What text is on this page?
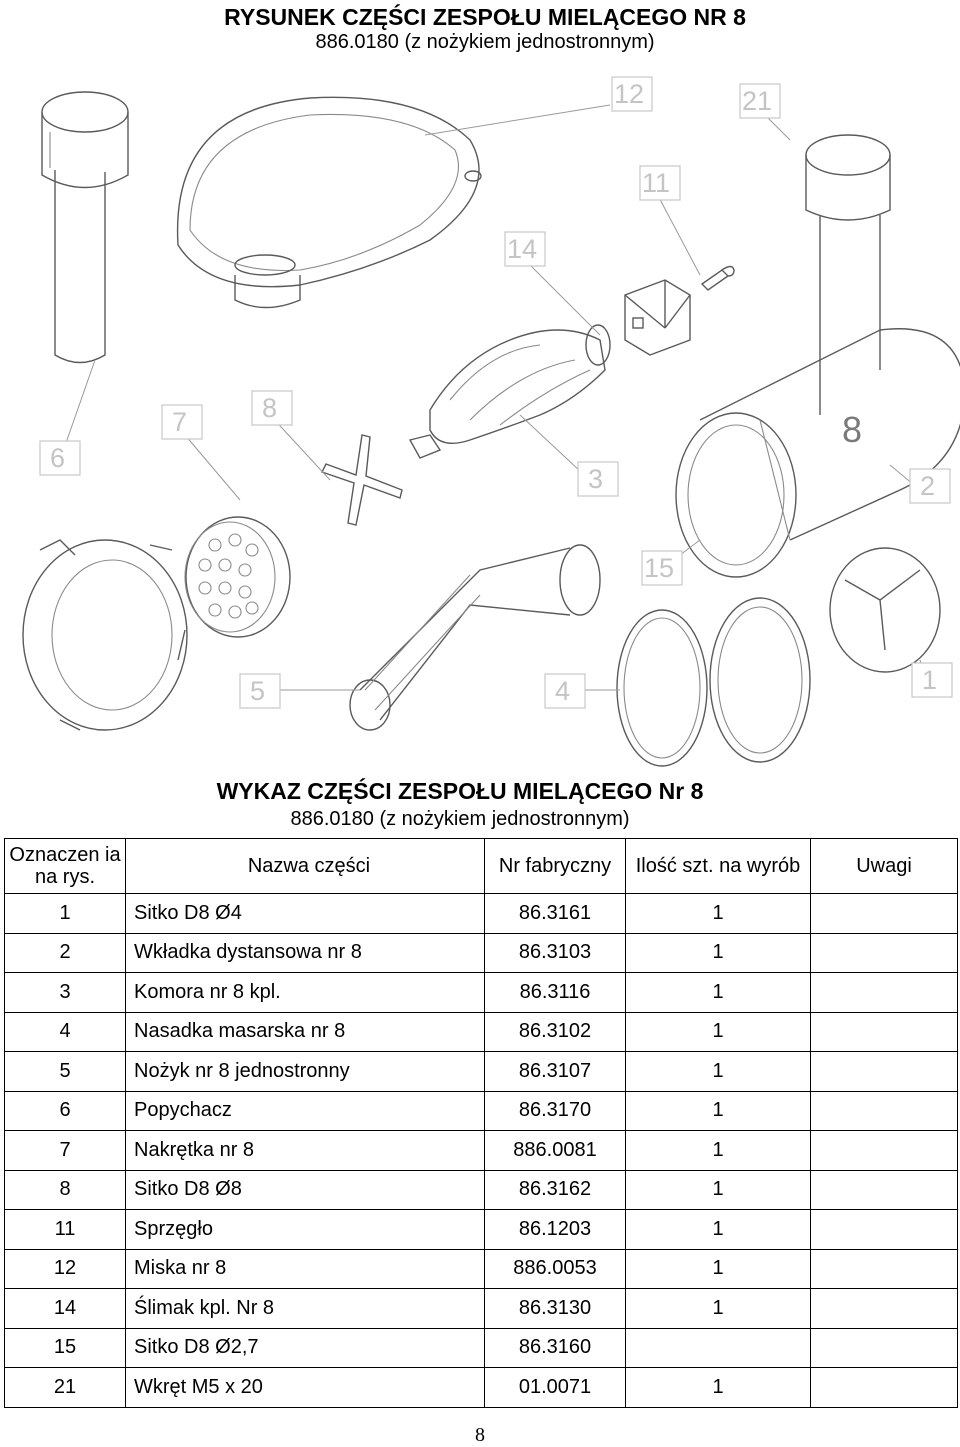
RYSUNEK CZĘŚCI ZESPOŁU MIELĄCEGO NR 8
886.0180 (z nożykiem jednostronnym)
8
12	21
11
14
8
7
6
3	2
15
5	4	1
WYKAZ CZĘŚCI ZESPOŁU MIELĄCEGO Nr 8
886.0180 (z nożykiem jednostronnym)
Oznaczen ia na rys.	Nazwa części	Nr fabryczny	Ilość szt. na wyrób	Uwagi
1	Sitko D8 Ø4	86.3161	1	
2	Wkładka dystansowa nr 8	86.3103	1	
3	Komora nr 8 kpl.	86.3116	1	
4	Nasadka masarska nr 8	86.3102	1	
5	Nożyk nr 8 jednostronny	86.3107	1	
6	Popychacz	86.3170	1	
7	Nakrętka nr 8	886.0081	1	
8	Sitko D8 Ø8	86.3162	1	
11	Sprzęgło	86.1203	1	
12	Miska nr 8	886.0053	1	
14	Ślimak kpl. Nr 8	86.3130	1	
15	Sitko D8 Ø2,7	86.3160		
21	Wkręt M5 x 20	01.0071	1	
8
